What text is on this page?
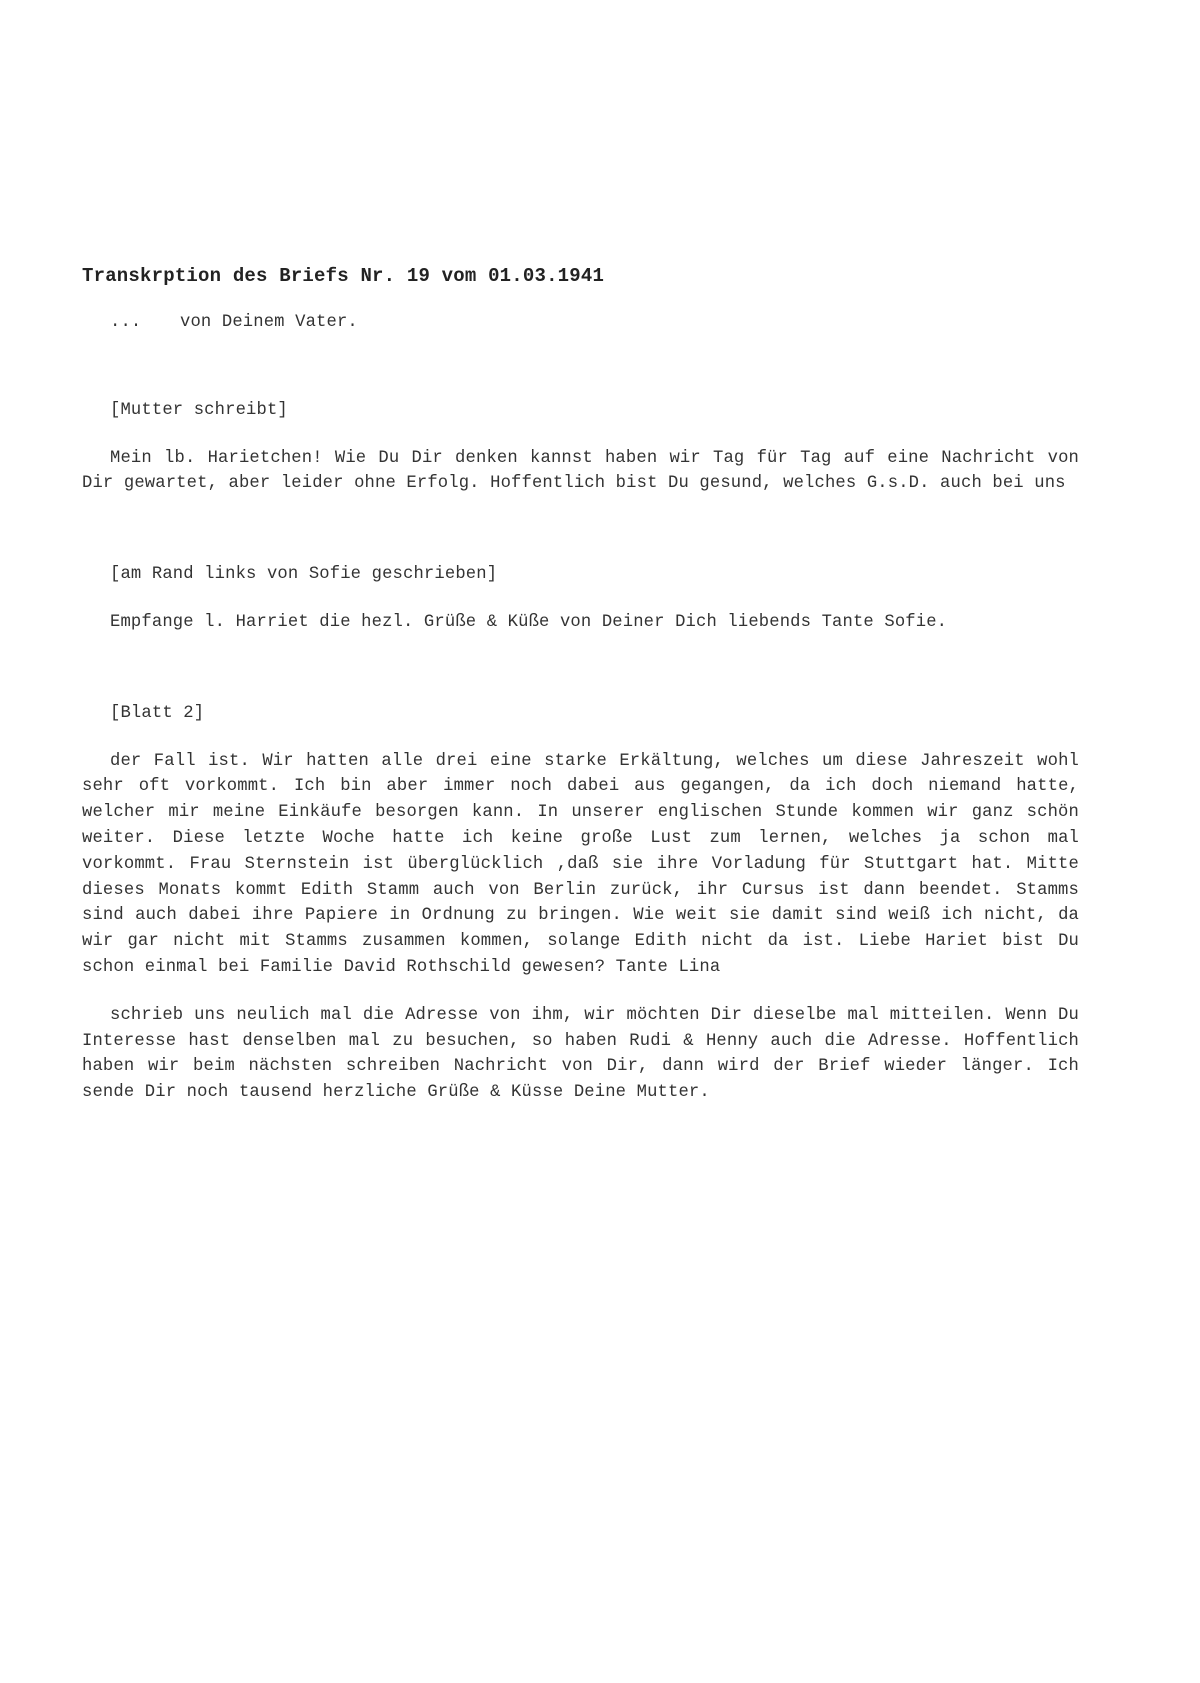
Transkrption des Briefs Nr. 19 vom 01.03.1941

... von Deinem Vater.

[Mutter schreibt]

Mein lb. Harietchen! Wie Du Dir denken kannst haben wir Tag für Tag auf eine Nachricht von Dir gewartet, aber leider ohne Erfolg. Hoffentlich bist Du gesund, welches G.s.D. auch bei uns

[am Rand links von Sofie geschrieben]

Empfange l. Harriet die hezl. Grüße & Küße von Deiner Dich liebends Tante Sofie.

[Blatt 2]

der Fall ist. Wir hatten alle drei eine starke Erkältung, welches um diese Jahreszeit wohl sehr oft vorkommt. Ich bin aber immer noch dabei aus gegangen, da ich doch niemand hatte, welcher mir meine Einkäufe besorgen kann. In unserer englischen Stunde kommen wir ganz schön weiter. Diese letzte Woche hatte ich keine große Lust zum lernen, welches ja schon mal vorkommt. Frau Sternstein ist überglücklich ,daß sie ihre Vorladung für Stuttgart hat. Mitte dieses Monats kommt Edith Stamm auch von Berlin zurück, ihr Cursus ist dann beendet. Stamms sind auch dabei ihre Papiere in Ordnung zu bringen. Wie weit sie damit sind weiß ich nicht, da wir gar nicht mit Stamms zusammen kommen, solange Edith nicht da ist. Liebe Hariet bist Du schon einmal bei Familie David Rothschild gewesen? Tante Lina

schrieb uns neulich mal die Adresse von ihm, wir möchten Dir dieselbe mal mitteilen. Wenn Du Interesse hast denselben mal zu besuchen, so haben Rudi & Henny auch die Adresse. Hoffentlich haben wir beim nächsten schreiben Nachricht von Dir, dann wird der Brief wieder länger. Ich sende Dir noch tausend herzliche Grüße & Küsse Deine Mutter.
